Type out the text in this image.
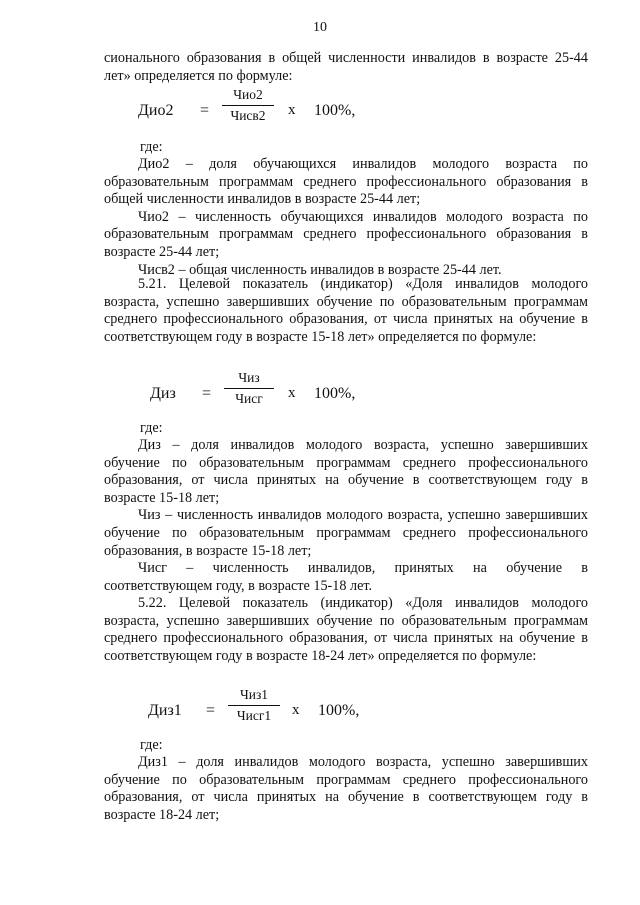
10

сионального образования в общей численности инвалидов в возрасте 25-44 лет» определяется по формуле:

Дио2 =
Чио2
Чисв2	х 100%,
где:

Дио2 – доля обучающихся инвалидов молодого возраста по образовательным программам среднего профессионального образования в общей численности инвалидов в возрасте 25-44 лет;

Чио2 – численность обучающихся инвалидов молодого возраста по образовательным программам среднего профессионального образования в возрасте 25-44 лет;

Чисв2 – общая численность инвалидов в возрасте 25-44 лет.

5.21. Целевой показатель (индикатор) «Доля инвалидов молодого возраста, успешно завершивших обучение по образовательным программам среднего профессионального образования, от числа принятых на обучение в соответствующем году в возрасте 15-18 лет» определяется по формуле:

Диз =
Чиз
Чисг	х 100%,
где:

Диз – доля инвалидов молодого возраста, успешно завершивших обучение по образовательным программам среднего профессионального образования, от числа принятых на обучение в соответствующем году в возрасте 15-18 лет;

Чиз – численность инвалидов молодого возраста, успешно завершивших обучение по образовательным программам среднего профессионального образования, в возрасте 15-18 лет;

Чисг – численность инвалидов, принятых на обучение в соответствующем году, в возрасте 15-18 лет.

5.22. Целевой показатель (индикатор) «Доля инвалидов молодого возраста, успешно завершивших обучение по образовательным программам среднего профессионального образования, от числа принятых на обучение в соответствующем году в возрасте 18-24 лет» определяется по формуле:

Диз1 =
Чиз1
Чисг1	х 100%,
где:

Диз1 – доля инвалидов молодого возраста, успешно завершивших обучение по образовательным программам среднего профессионального образования, от числа принятых на обучение в соответствующем году в возрасте 18-24 лет;
